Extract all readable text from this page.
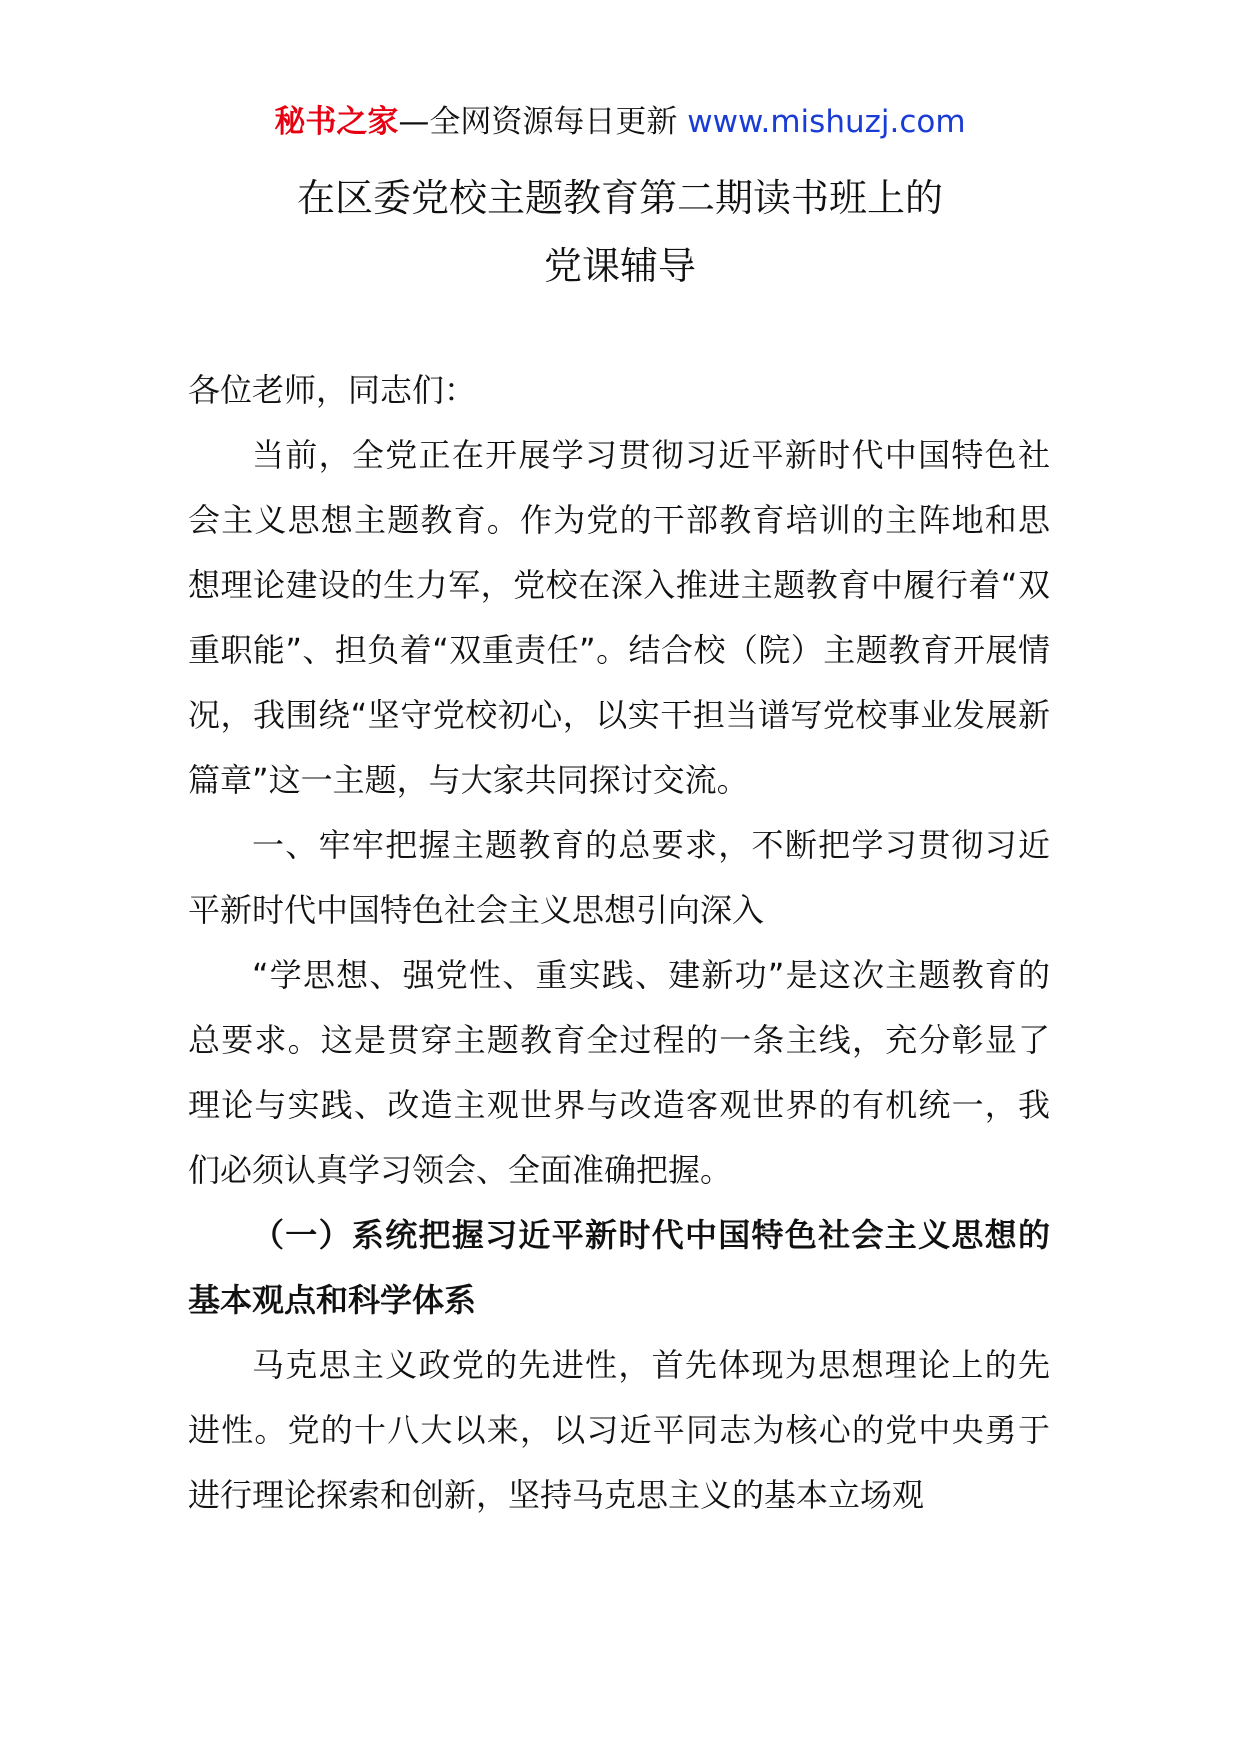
秘书之家—全网资源每日更新 www.mishuzj.com
在区委党校主题教育第二期读书班上的
党课辅导

各位老师，同志们：

当前，全党正在开展学习贯彻习近平新时代中国特色社会主义思想主题教育。作为党的干部教育培训的主阵地和思想理论建设的生力军，党校在深入推进主题教育中履行着“双重职能”、担负着“双重责任”。结合校（院）主题教育开展情况，我围绕“坚守党校初心，以实干担当谱写党校事业发展新篇章”这一主题，与大家共同探讨交流。

一、牢牢把握主题教育的总要求，不断把学习贯彻习近平新时代中国特色社会主义思想引向深入

“学思想、强党性、重实践、建新功”是这次主题教育的总要求。这是贯穿主题教育全过程的一条主线，充分彰显了理论与实践、改造主观世界与改造客观世界的有机统一，我们必须认真学习领会、全面准确把握。

（一）系统把握习近平新时代中国特色社会主义思想的基本观点和科学体系

马克思主义政党的先进性，首先体现为思想理论上的先进性。党的十八大以来，以习近平同志为核心的党中央勇于进行理论探索和创新，坚持马克思主义的基本立场观
